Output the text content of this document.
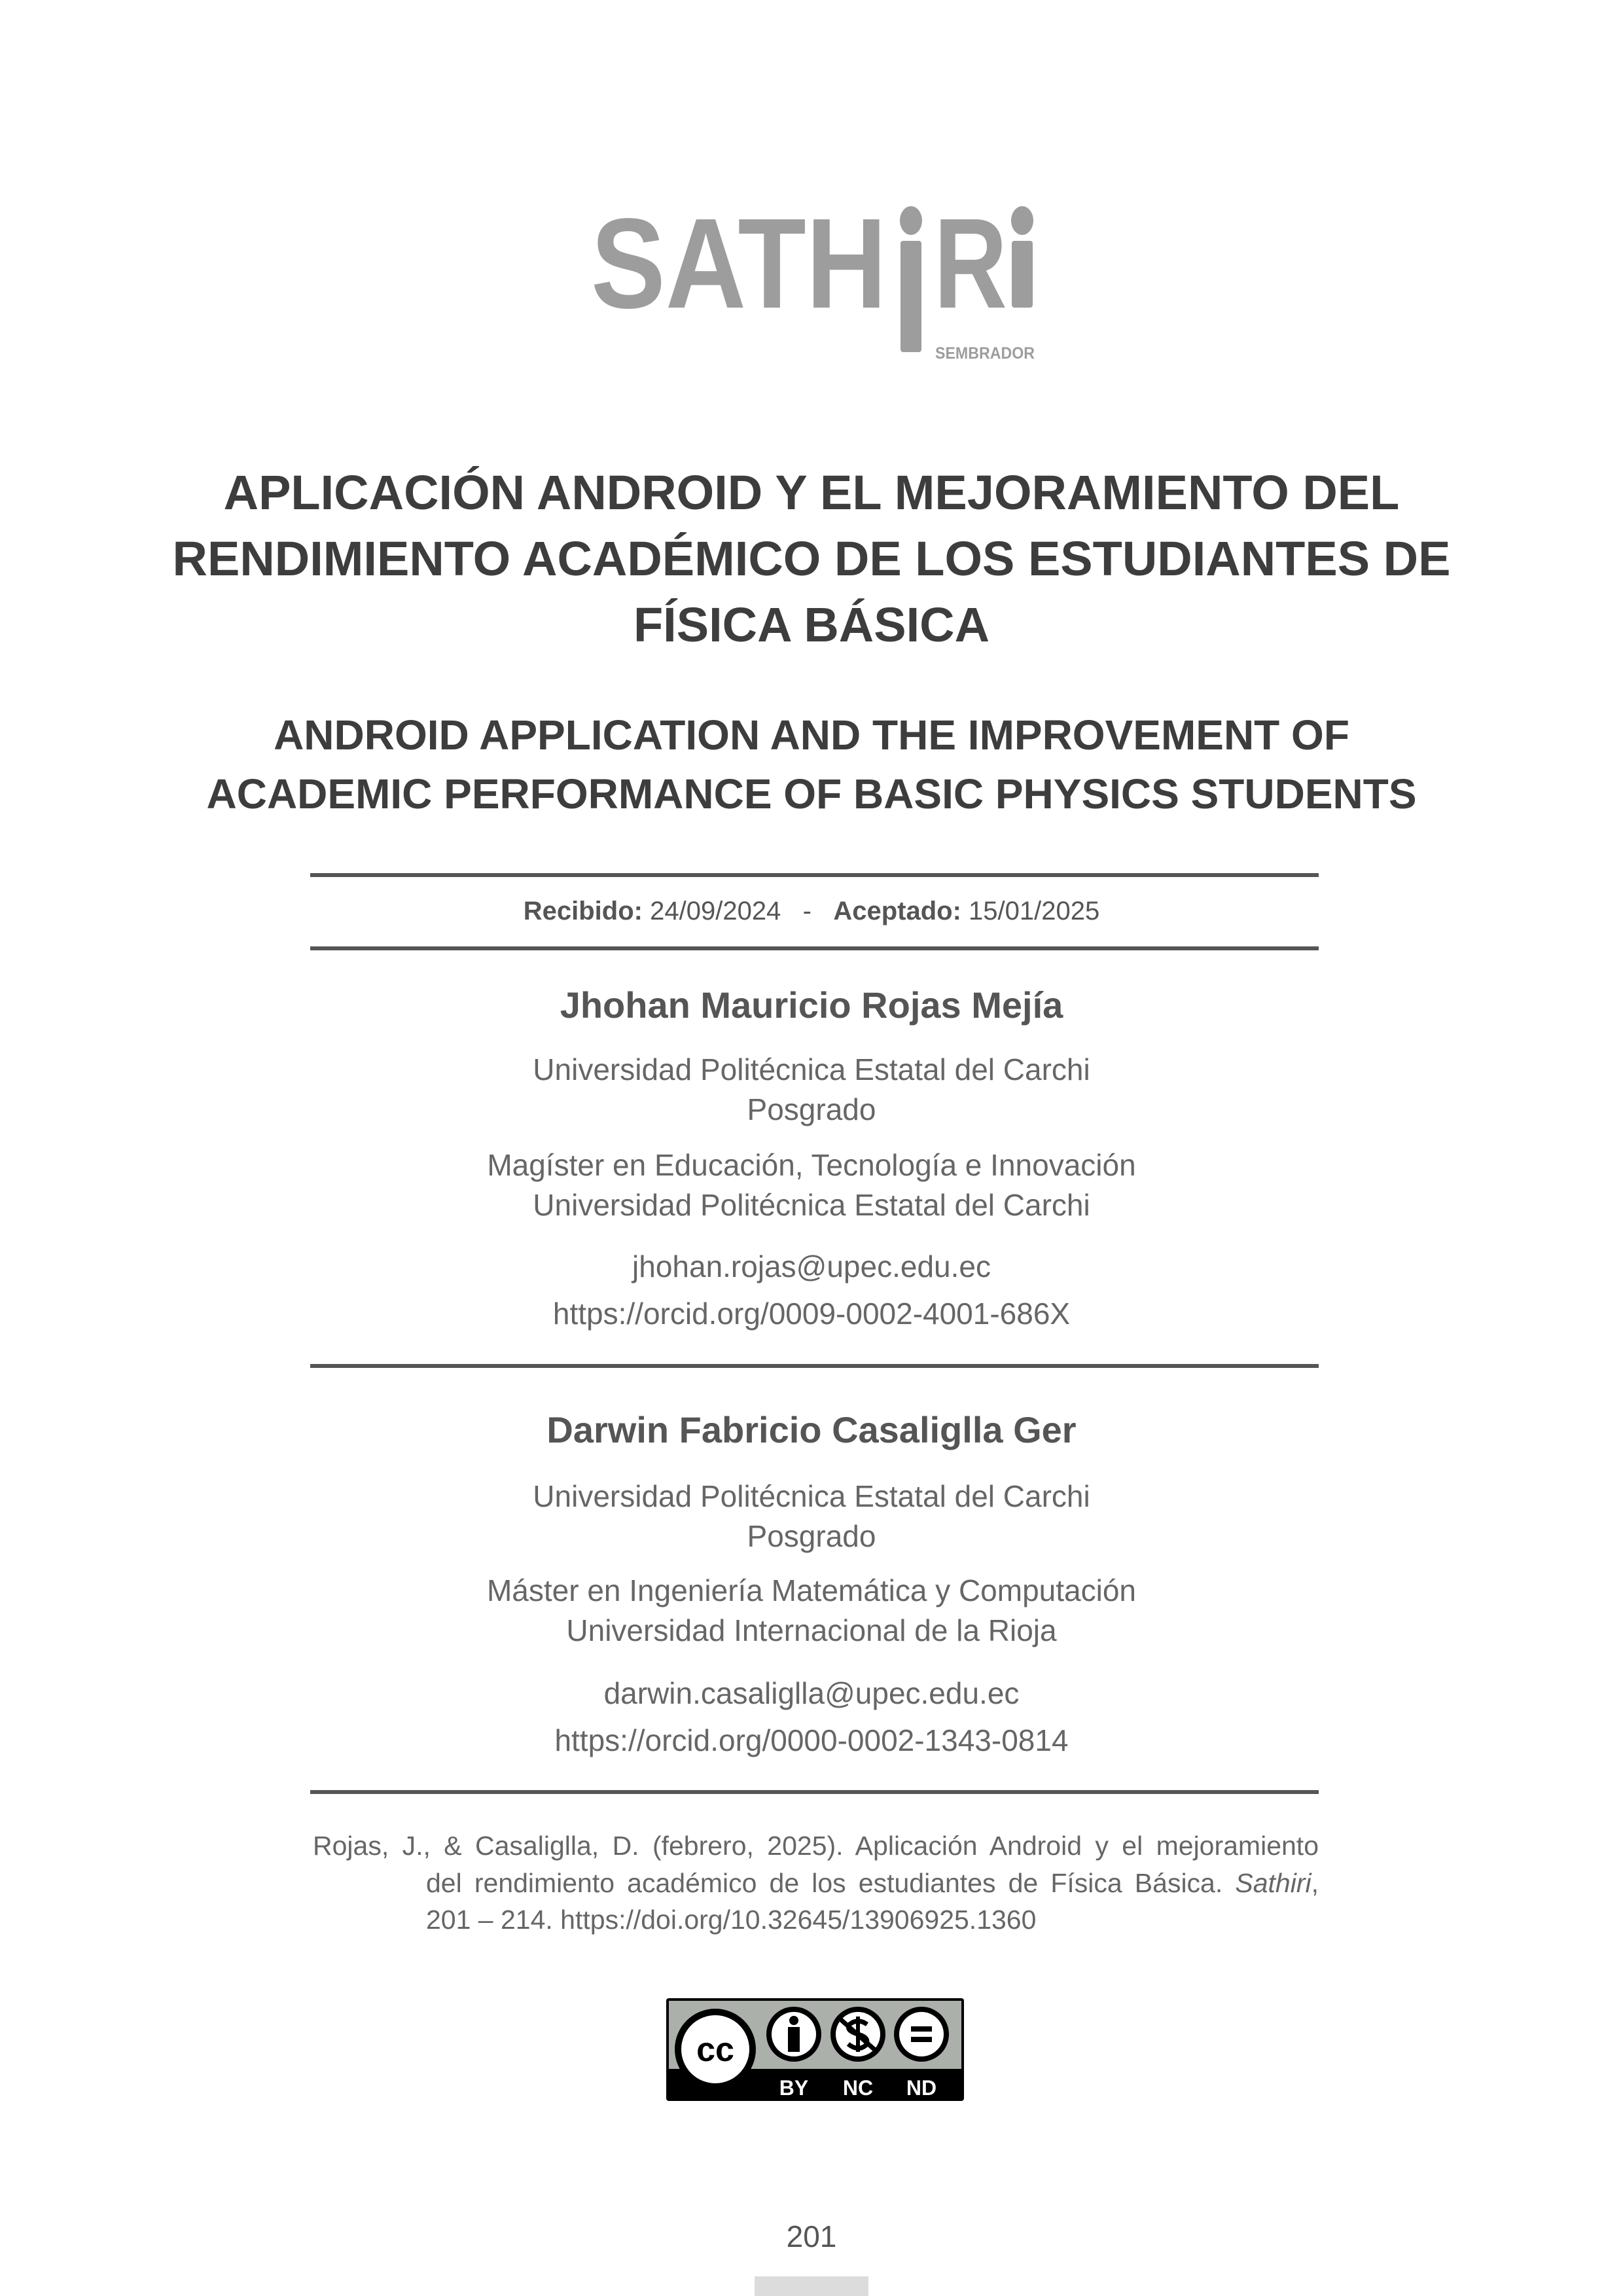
SATH R
SEMBRADOR
APLICACIÓN ANDROID Y EL MEJORAMIENTO DEL
RENDIMIENTO ACADÉMICO DE LOS ESTUDIANTES DE
FÍSICA BÁSICA
ANDROID APPLICATION AND THE IMPROVEMENT OF
ACADEMIC PERFORMANCE OF BASIC PHYSICS STUDENTS
Recibido: 24/09/2024 - Aceptado: 15/01/2025
Jhohan Mauricio Rojas Mejía
Universidad Politécnica Estatal del Carchi
Posgrado
Magíster en Educación, Tecnología e Innovación
Universidad Politécnica Estatal del Carchi
jhohan.rojas@upec.edu.ec
https://orcid.org/0009-0002-4001-686X
Darwin Fabricio Casaliglla Ger
Universidad Politécnica Estatal del Carchi
Posgrado
Máster en Ingeniería Matemática y Computación
Universidad Internacional de la Rioja
darwin.casaliglla@upec.edu.ec
https://orcid.org/0000-0002-1343-0814
Rojas, J., & Casaliglla, D. (febrero, 2025). Aplicación Android y el mejoramiento
del rendimiento académico de los estudiantes de Física Básica. Sathiri,
201 – 214. https://doi.org/10.32645/13906925.1360
cc
BY NC ND
201
